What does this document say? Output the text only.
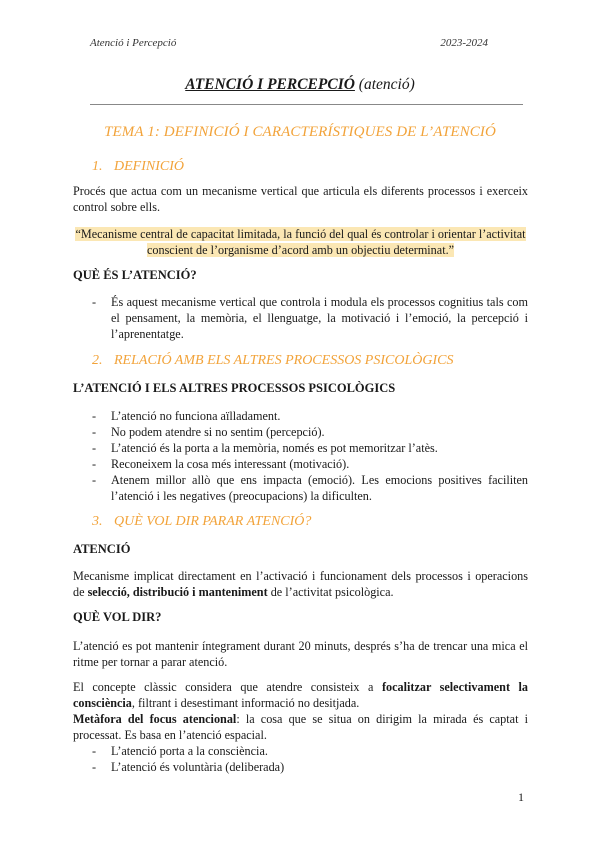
Atenció i Percepció	2023-2024
ATENCIÓ I PERCEPCIÓ (atenció)
TEMA 1: DEFINICIÓ I CARACTERÍSTIQUES DE L’ATENCIÓ
1. DEFINICIÓ
Procés que actua com un mecanisme vertical que articula els diferents processos i exerceix control sobre ells.
“Mecanisme central de capacitat limitada, la funció del qual és controlar i orientar l’activitat
conscient de l’organisme d’acord amb un objectiu determinat.”
QUÈ ÉS L’ATENCIÓ?
- És aquest mecanisme vertical que controla i modula els processos cognitius tals com el pensament, la memòria, el llenguatge, la motivació i l’emoció, la percepció i l’aprenentatge.
2. RELACIÓ AMB ELS ALTRES PROCESSOS PSICOLÒGICS
L’ATENCIÓ I ELS ALTRES PROCESSOS PSICOLÒGICS
- L’atenció no funciona aïlladament.
- No podem atendre si no sentim (percepció).
- L’atenció és la porta a la memòria, només es pot memoritzar l’atès.
- Reconeixem la cosa més interessant (motivació).
- Atenem millor allò que ens impacta (emoció). Les emocions positives faciliten l’atenció i les negatives (preocupacions) la dificulten.
3. QUÈ VOL DIR PARAR ATENCIÓ?
ATENCIÓ
Mecanisme implicat directament en l’activació i funcionament dels processos i operacions de selecció, distribució i manteniment de l’activitat psicològica.
QUÈ VOL DIR?
L’atenció es pot mantenir íntegrament durant 20 minuts, després s’ha de trencar una mica el ritme per tornar a parar atenció.
El concepte clàssic considera que atendre consisteix a focalitzar selectivament la consciència, filtrant i desestimant informació no desitjada.
Metàfora del focus atencional: la cosa que se situa on dirigim la mirada és captat i processat. Es basa en l’atenció espacial.
- L’atenció porta a la consciència.
- L’atenció és voluntària (deliberada)
1
